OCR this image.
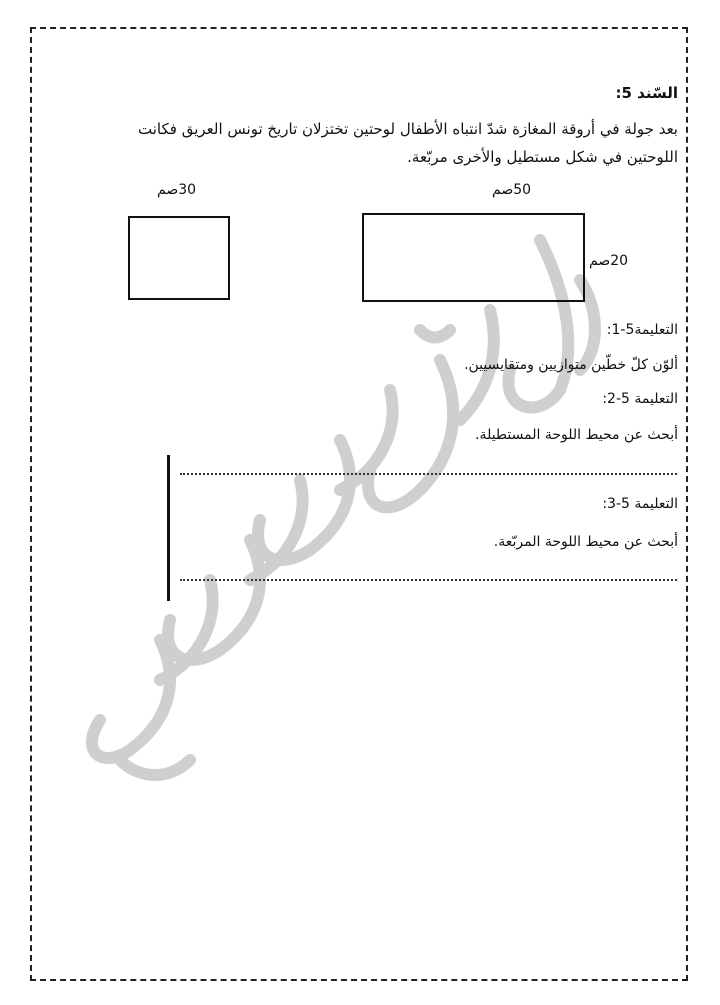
السّند 5:
بعد جولة في أروقة المغازة شدّ انتباه الأطفال لوحتين تختزلان تاريخ تونس العريق فكانت اللوحتين في شكل مستطيل والأخرى مربّعة.
50صم
20صم
30صم
التعليمة5-1:
ألوّن كلّ خطّين متوازيين ومتقايسيين.
التعليمة 5-2:
أبحث عن محيط اللوحة المستطيلة.
التعليمة 5-3:
أبحث عن محيط اللوحة المربّعة.
